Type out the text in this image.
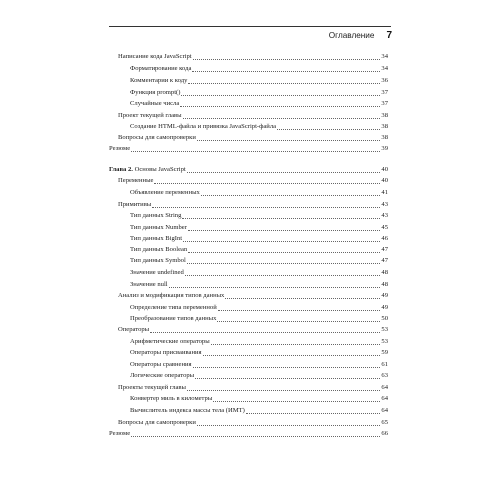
Оглавление 7
Написание кода JavaScript	34
Форматирование кода	34
Комментарии к коду	36
Функция prompt()	37
Случайные числа	37
Проект текущей главы	38
Создание HTML-файла и привязка JavaScript-файла	38
Вопросы для самопроверки	38
Резюме	39
Глава 2. Основы JavaScript	40
Переменные	40
Объявление переменных	41
Примитивы	43
Тип данных String	43
Тип данных Number	45
Тип данных BigInt	46
Тип данных Boolean	47
Тип данных Symbol	47
Значение undefined	48
Значение null	48
Анализ и модификация типов данных	49
Определение типа переменной	49
Преобразование типов данных	50
Операторы	53
Арифметические операторы	53
Операторы присваивания	59
Операторы сравнения	61
Логические операторы	63
Проекты текущей главы	64
Конвертер миль в километры	64
Вычислитель индекса массы тела (ИМТ)	64
Вопросы для самопроверки	65
Резюме	66
